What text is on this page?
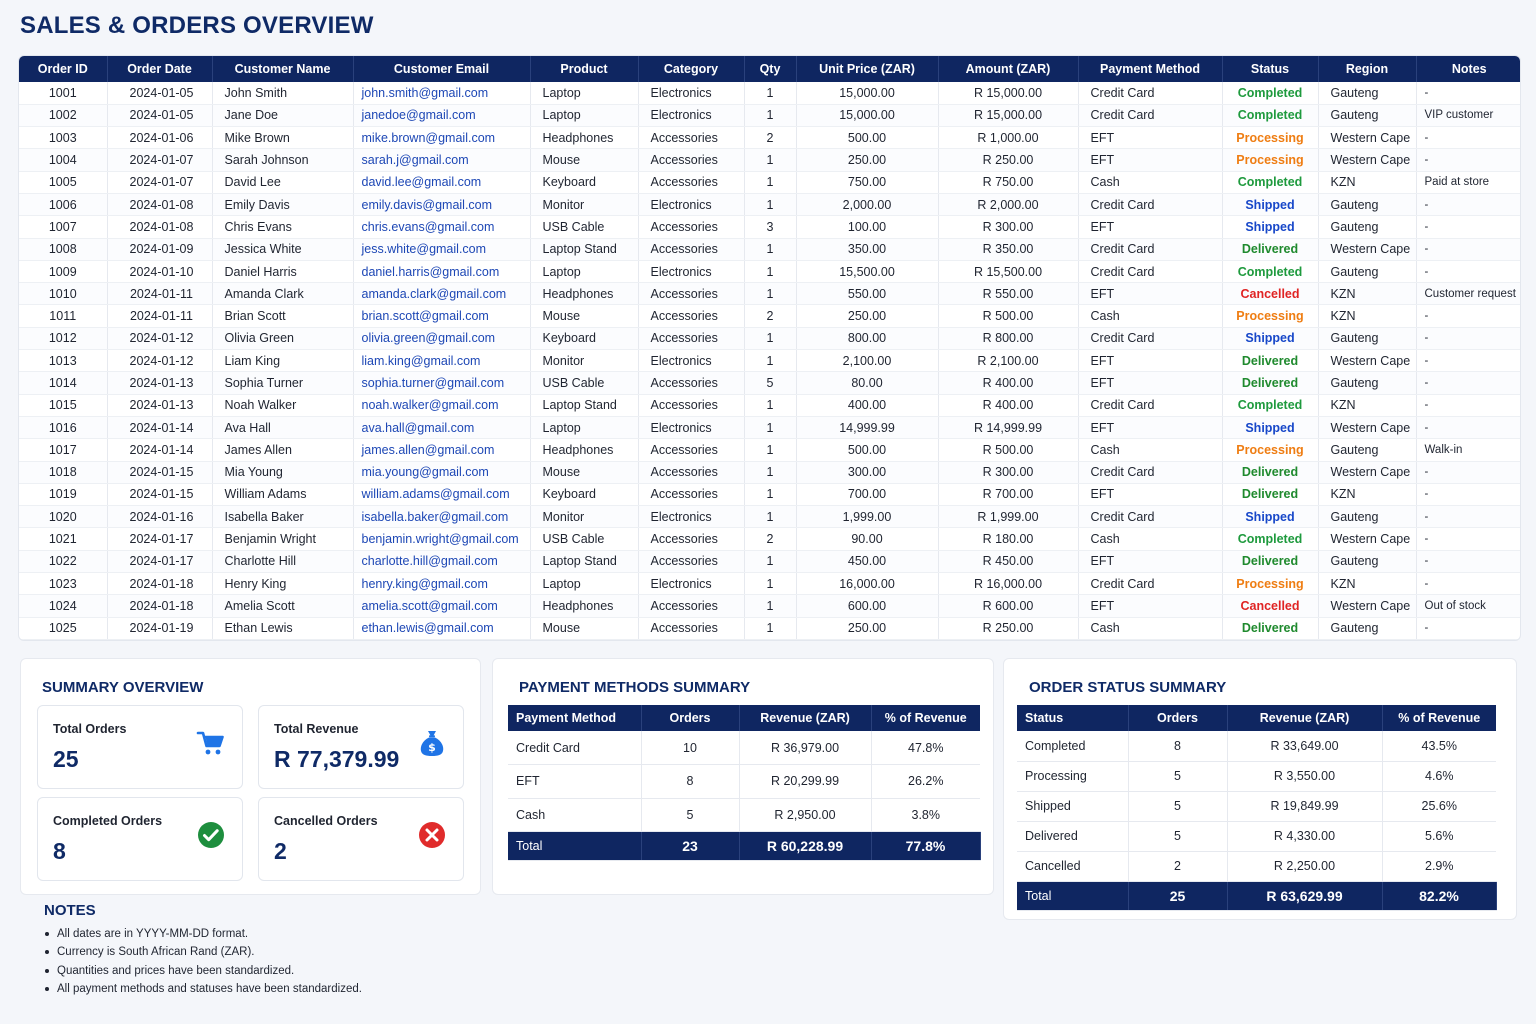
SALES & ORDERS OVERVIEW
Order ID	Order Date	Customer Name	Customer Email	Product	Category	Qty	Unit Price (ZAR)	Amount (ZAR)	Payment Method	Status	Region	Notes
1001	2024-01-05	John Smith	john.smith@gmail.com	Laptop	Electronics	1	15,000.00	R 15,000.00	Credit Card	Completed	Gauteng	-
1002	2024-01-05	Jane Doe	janedoe@gmail.com	Laptop	Electronics	1	15,000.00	R 15,000.00	Credit Card	Completed	Gauteng	VIP customer
1003	2024-01-06	Mike Brown	mike.brown@gmail.com	Headphones	Accessories	2	500.00	R 1,000.00	EFT	Processing	Western Cape	-
1004	2024-01-07	Sarah Johnson	sarah.j@gmail.com	Mouse	Accessories	1	250.00	R 250.00	EFT	Processing	Western Cape	-
1005	2024-01-07	David Lee	david.lee@gmail.com	Keyboard	Accessories	1	750.00	R 750.00	Cash	Completed	KZN	Paid at store
1006	2024-01-08	Emily Davis	emily.davis@gmail.com	Monitor	Electronics	1	2,000.00	R 2,000.00	Credit Card	Shipped	Gauteng	-
1007	2024-01-08	Chris Evans	chris.evans@gmail.com	USB Cable	Accessories	3	100.00	R 300.00	EFT	Shipped	Gauteng	-
1008	2024-01-09	Jessica White	jess.white@gmail.com	Laptop Stand	Accessories	1	350.00	R 350.00	Credit Card	Delivered	Western Cape	-
1009	2024-01-10	Daniel Harris	daniel.harris@gmail.com	Laptop	Electronics	1	15,500.00	R 15,500.00	Credit Card	Completed	Gauteng	-
1010	2024-01-11	Amanda Clark	amanda.clark@gmail.com	Headphones	Accessories	1	550.00	R 550.00	EFT	Cancelled	KZN	Customer request
1011	2024-01-11	Brian Scott	brian.scott@gmail.com	Mouse	Accessories	2	250.00	R 500.00	Cash	Processing	KZN	-
1012	2024-01-12	Olivia Green	olivia.green@gmail.com	Keyboard	Accessories	1	800.00	R 800.00	Credit Card	Shipped	Gauteng	-
1013	2024-01-12	Liam King	liam.king@gmail.com	Monitor	Electronics	1	2,100.00	R 2,100.00	EFT	Delivered	Western Cape	-
1014	2024-01-13	Sophia Turner	sophia.turner@gmail.com	USB Cable	Accessories	5	80.00	R 400.00	EFT	Delivered	Gauteng	-
1015	2024-01-13	Noah Walker	noah.walker@gmail.com	Laptop Stand	Accessories	1	400.00	R 400.00	Credit Card	Completed	KZN	-
1016	2024-01-14	Ava Hall	ava.hall@gmail.com	Laptop	Electronics	1	14,999.99	R 14,999.99	EFT	Shipped	Western Cape	-
1017	2024-01-14	James Allen	james.allen@gmail.com	Headphones	Accessories	1	500.00	R 500.00	Cash	Processing	Gauteng	Walk-in
1018	2024-01-15	Mia Young	mia.young@gmail.com	Mouse	Accessories	1	300.00	R 300.00	Credit Card	Delivered	Western Cape	-
1019	2024-01-15	William Adams	william.adams@gmail.com	Keyboard	Accessories	1	700.00	R 700.00	EFT	Delivered	KZN	-
1020	2024-01-16	Isabella Baker	isabella.baker@gmail.com	Monitor	Electronics	1	1,999.00	R 1,999.00	Credit Card	Shipped	Gauteng	-
1021	2024-01-17	Benjamin Wright	benjamin.wright@gmail.com	USB Cable	Accessories	2	90.00	R 180.00	Cash	Completed	Western Cape	-
1022	2024-01-17	Charlotte Hill	charlotte.hill@gmail.com	Laptop Stand	Accessories	1	450.00	R 450.00	EFT	Delivered	Gauteng	-
1023	2024-01-18	Henry King	henry.king@gmail.com	Laptop	Electronics	1	16,000.00	R 16,000.00	Credit Card	Processing	KZN	-
1024	2024-01-18	Amelia Scott	amelia.scott@gmail.com	Headphones	Accessories	1	600.00	R 600.00	EFT	Cancelled	Western Cape	Out of stock
1025	2024-01-19	Ethan Lewis	ethan.lewis@gmail.com	Mouse	Accessories	1	250.00	R 250.00	Cash	Delivered	Gauteng	-
SUMMARY OVERVIEW
Total Orders
25
Total Revenue
R 77,379.99	$
Completed Orders
8
Cancelled Orders
2
PAYMENT METHODS SUMMARY
Payment Method	Orders	Revenue (ZAR)	% of Revenue
Credit Card	10	R 36,979.00	47.8%
EFT	8	R 20,299.99	26.2%
Cash	5	R 2,950.00	3.8%
Total	23	R 60,228.99	77.8%
ORDER STATUS SUMMARY
Status	Orders	Revenue (ZAR)	% of Revenue
Completed	8	R 33,649.00	43.5%
Processing	5	R 3,550.00	4.6%
Shipped	5	R 19,849.99	25.6%
Delivered	5	R 4,330.00	5.6%
Cancelled	2	R 2,250.00	2.9%
Total	25	R 63,629.99	82.2%
NOTES
All dates are in YYYY-MM-DD format.
Currency is South African Rand (ZAR).
Quantities and prices have been standardized.
All payment methods and statuses have been standardized.
